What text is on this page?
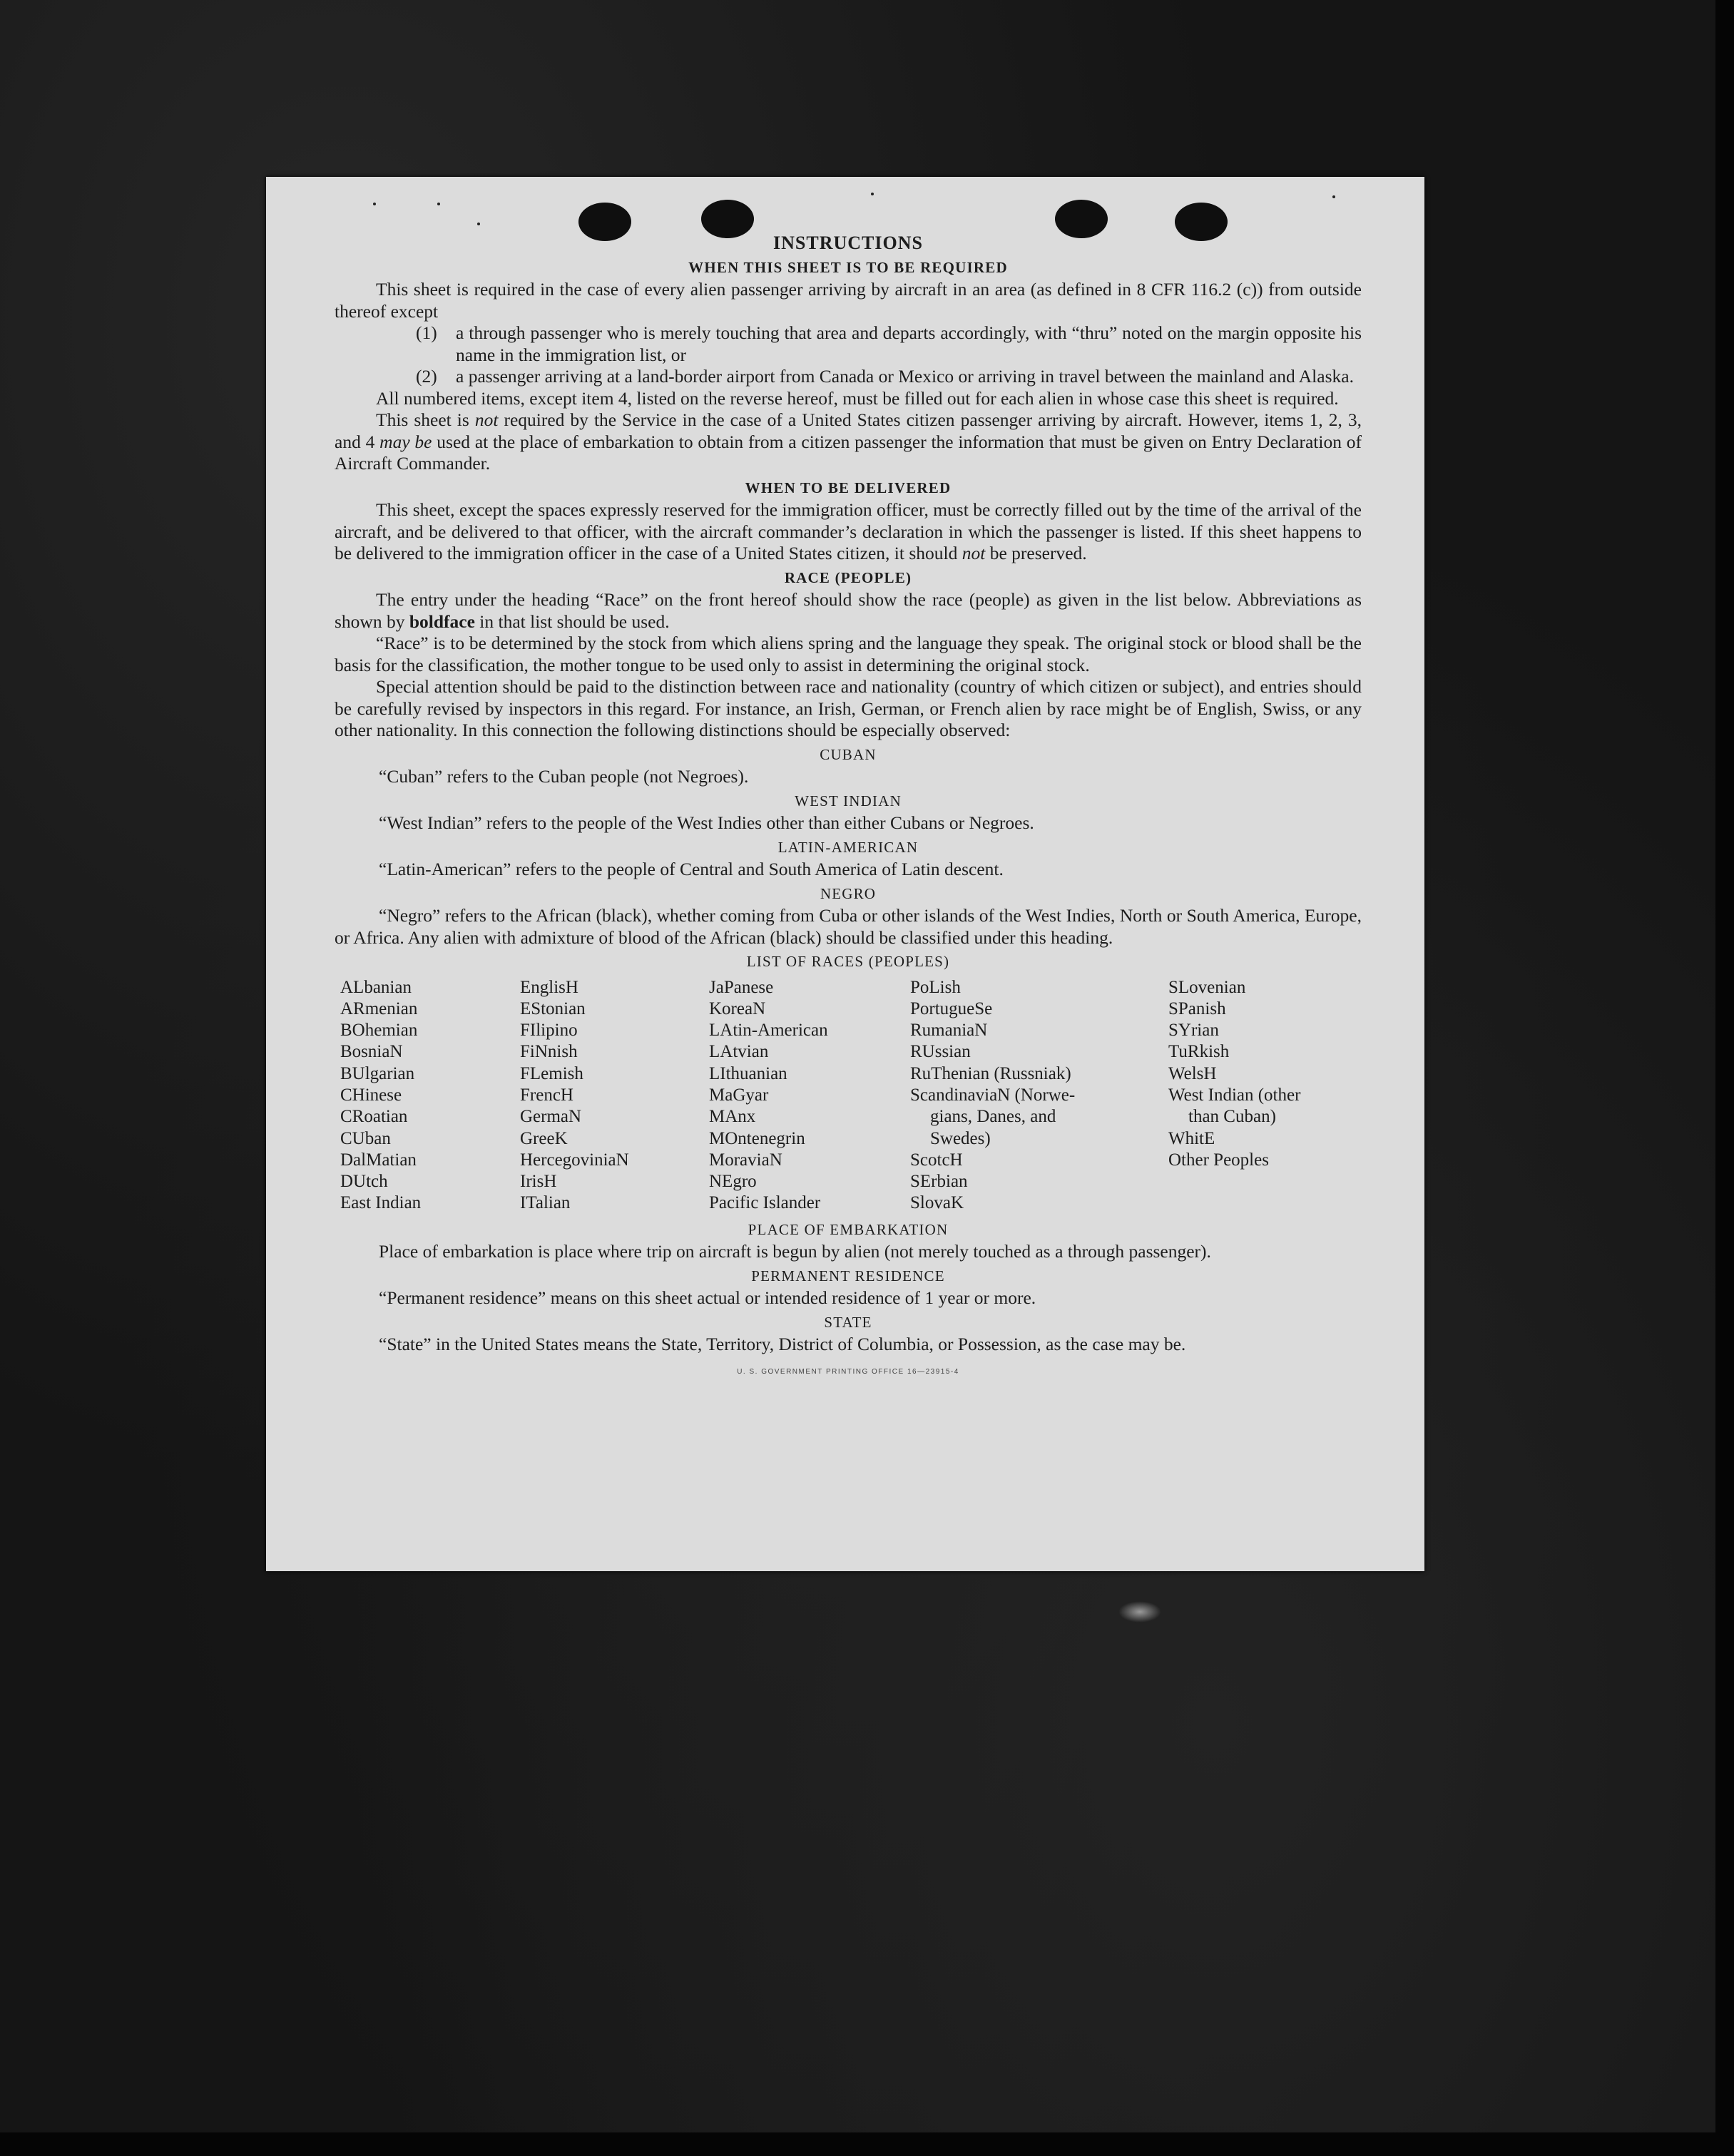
INSTRUCTIONS
WHEN THIS SHEET IS TO BE REQUIRED

This sheet is required in the case of every alien passenger arriving by aircraft in an area (as defined in 8 CFR 116.2 (c)) from outside thereof except

(1) a through passenger who is merely touching that area and departs accordingly, with “thru” noted on the margin opposite his name in the immigration list, or
(2) a passenger arriving at a land-border airport from Canada or Mexico or arriving in travel between the mainland and Alaska.

All numbered items, except item 4, listed on the reverse hereof, must be filled out for each alien in whose case this sheet is required.

This sheet is not required by the Service in the case of a United States citizen passenger arriving by aircraft. However, items 1, 2, 3, and 4 may be used at the place of embarkation to obtain from a citizen passenger the information that must be given on Entry Declaration of Aircraft Commander.

WHEN TO BE DELIVERED

This sheet, except the spaces expressly reserved for the immigration officer, must be correctly filled out by the time of the arrival of the aircraft, and be delivered to that officer, with the aircraft commander’s declaration in which the passenger is listed. If this sheet happens to be delivered to the immigration officer in the case of a United States citizen, it should not be preserved.

RACE (PEOPLE)

The entry under the heading “Race” on the front hereof should show the race (people) as given in the list below. Abbreviations as shown by boldface in that list should be used.

“Race” is to be determined by the stock from which aliens spring and the language they speak. The original stock or blood shall be the basis for the classification, the mother tongue to be used only to assist in determining the original stock.

Special attention should be paid to the distinction between race and nationality (country of which citizen or subject), and entries should be carefully revised by inspectors in this regard. For instance, an Irish, German, or French alien by race might be of English, Swiss, or any other nationality. In this connection the following distinctions should be especially observed:

CUBAN

“Cuban” refers to the Cuban people (not Negroes).

WEST INDIAN

“West Indian” refers to the people of the West Indies other than either Cubans or Negroes.

LATIN-AMERICAN

“Latin-American” refers to the people of Central and South America of Latin descent.

NEGRO

“Negro” refers to the African (black), whether coming from Cuba or other islands of the West Indies, North or South America, Europe, or Africa. Any alien with admixture of blood of the African (black) should be classified under this heading.

LIST OF RACES (PEOPLES)
ALbanian
ARmenian
BOhemian
BosniaN
BUlgarian
CHinese
CRoatian
CUban
DalMatian
DUtch
East Indian
EnglisH
EStonian
FIlipino
FiNnish
FLemish
FrencH
GermaN
GreeK
HercegoviniaN
IrisH
ITalian
JaPanese
KoreaN
LAtin-American
LAtvian
LIthuanian
MaGyar
MAnx
MOntenegrin
MoraviaN
NEgro
Pacific Islander
PoLish
PortugueSe
RumaniaN
RUssian
RuThenian (Russniak)
ScandinaviaN (Norwe-
gians, Danes, and
Swedes)
ScotcH
SErbian
SlovaK
SLovenian
SPanish
SYrian
TuRkish
WelsH
West Indian (other
than Cuban)
WhitE
Other Peoples
PLACE OF EMBARKATION

Place of embarkation is place where trip on aircraft is begun by alien (not merely touched as a through passenger).

PERMANENT RESIDENCE

“Permanent residence” means on this sheet actual or intended residence of 1 year or more.

STATE

“State” in the United States means the State, Territory, District of Columbia, or Possession, as the case may be.

U. S. GOVERNMENT PRINTING OFFICE 16—23915-4
